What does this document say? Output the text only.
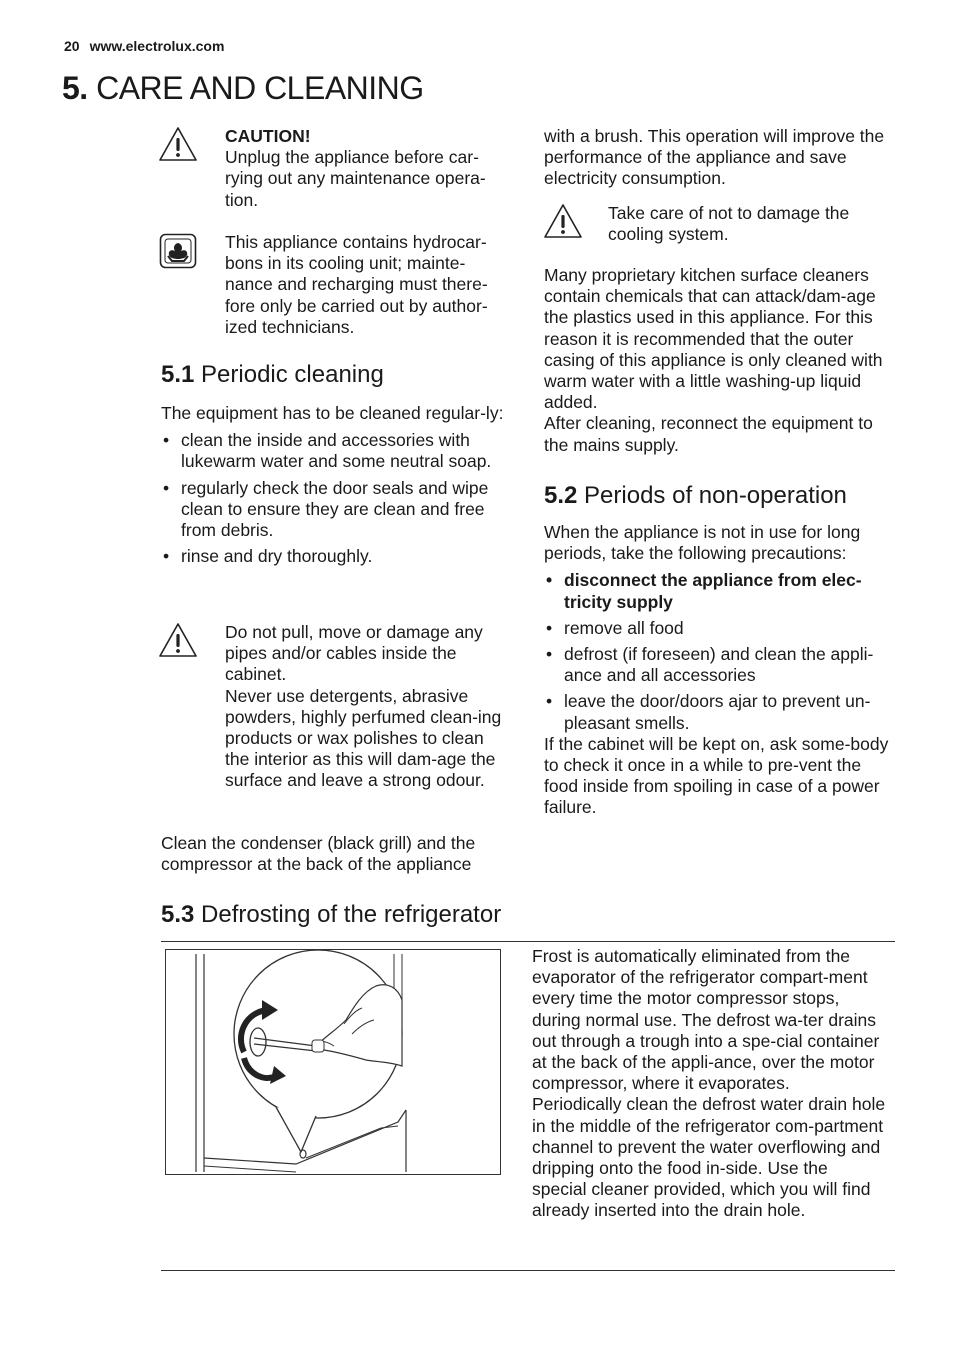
20 www.electrolux.com
5. CARE AND CLEANING

CAUTION!

Unplug the appliance before car-rying out any maintenance opera-tion.

This appliance contains hydrocar-bons in its cooling unit; mainte-nance and recharging must there-fore only be carried out by author-ized technicians.
5.1 Periodic cleaning

The equipment has to be cleaned regular-ly:

• clean the inside and accessories with lukewarm water and some neutral soap.
• regularly check the door seals and wipe clean to ensure they are clean and free from debris.
• rinse and dry thoroughly.

Do not pull, move or damage any pipes and/or cables inside the cabinet.

Never use detergents, abrasive powders, highly perfumed clean-ing products or wax polishes to clean the interior as this will dam-age the surface and leave a strong odour.

Clean the condenser (black grill) and the compressor at the back of the appliance
with a brush. This operation will improve the performance of the appliance and save electricity consumption.
Take care of not to damage the cooling system.

Many proprietary kitchen surface cleaners contain chemicals that can attack/dam-age the plastics used in this appliance. For this reason it is recommended that the outer casing of this appliance is only cleaned with warm water with a little washing-up liquid added.

After cleaning, reconnect the equipment to the mains supply.

5.2 Periods of non-operation

When the appliance is not in use for long periods, take the following precautions:

• disconnect the appliance from elec-tricity supply
• remove all food
• defrost (if foreseen) and clean the appli-ance and all accessories
• leave the door/doors ajar to prevent un-pleasant smells.

If the cabinet will be kept on, ask some-body to check it once in a while to pre-vent the food inside from spoiling in case of a power failure.

5.3 Defrosting of the refrigerator

Frost is automatically eliminated from the evaporator of the refrigerator compart-ment every time the motor compressor stops, during normal use. The defrost wa-ter drains out through a trough into a spe-cial container at the back of the appli-ance, over the motor compressor, where it evaporates.

Periodically clean the defrost water drain hole in the middle of the refrigerator com-partment channel to prevent the water overflowing and dripping onto the food in-side. Use the special cleaner provided, which you will find already inserted into the drain hole.
